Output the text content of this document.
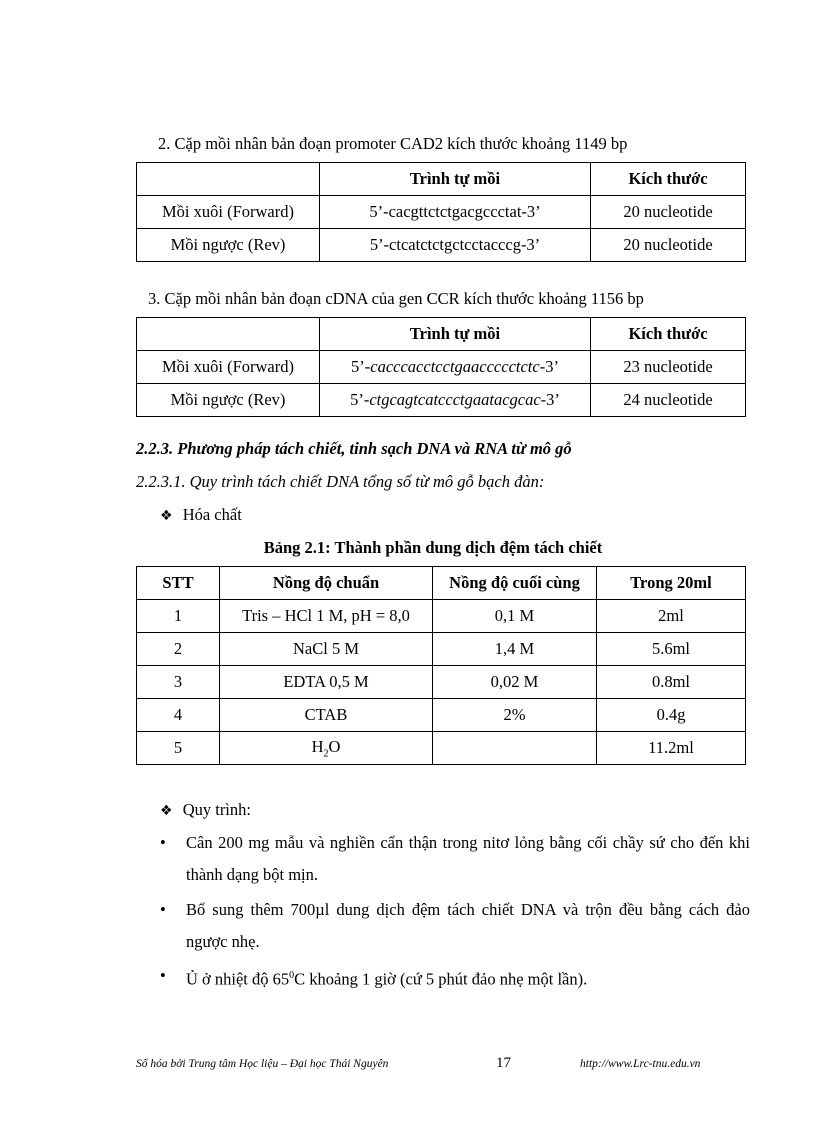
2. Cặp mồi nhân bản đoạn promoter CAD2 kích thước khoảng 1149 bp
	Trình tự mồi	Kích thước
Mồi xuôi (Forward)	5’-cacgttctctgacgccctat-3’	20 nucleotide
Mồi ngược (Rev)	5’-ctcatctctgctcctacccg-3’	20 nucleotide
3. Cặp mồi nhân bản đoạn cDNA của gen CCR kích thước khoảng 1156 bp
	Trình tự mồi	Kích thước
Mồi xuôi (Forward)	5’-cacccacctcctgaaccccctctc-3’	23 nucleotide
Mồi ngược (Rev)	5’-ctgcagtcatccctgaatacgcac-3’	24 nucleotide
2.2.3. Phương pháp tách chiết, tinh sạch DNA và RNA từ mô gỗ
2.2.3.1. Quy trình tách chiết DNA tổng số từ mô gỗ bạch đàn:
❖ Hóa chất
Bảng 2.1: Thành phần dung dịch đệm tách chiết
STT	Nồng độ chuẩn	Nồng độ cuối cùng	Trong 20ml
1	Tris – HCl 1 M, pH = 8,0	0,1 M	2ml
2	NaCl 5 M	1,4 M	5.6ml
3	EDTA 0,5 M	0,02 M	0.8ml
4	CTAB	2%	0.4g
5	$H_2O$		11.2ml
❖ Quy trình:
• Cân 200 mg mẫu và nghiền cẩn thận trong nitơ lỏng bằng cối chầy sứ cho đến khi thành dạng bột mịn.
• Bổ sung thêm 700µl dung dịch đệm tách chiết DNA và trộn đều bằng cách đảo ngược nhẹ.
• Ủ ở nhiệt độ $65^0C$ khoảng 1 giờ (cứ 5 phút đảo nhẹ một lần).
Số hóa bởi Trung tâm Học liệu – Đại học Thái Nguyên	17	http://www.Lrc-tnu.edu.vn
